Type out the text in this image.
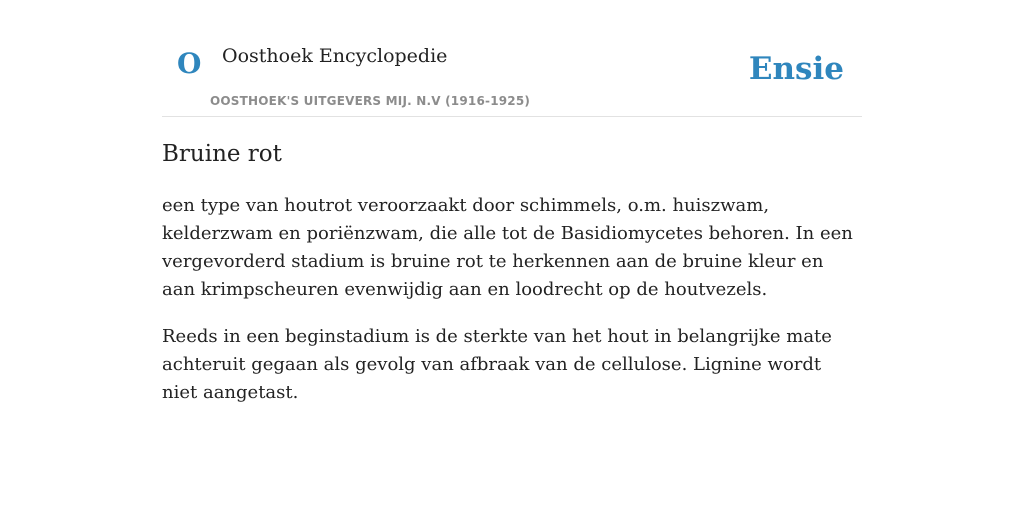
O Oosthoek Encyclopedie
OOSTHOEK'S UITGEVERS MIJ. N.V (1916-1925)
Ensie
Bruine rot

een type van houtrot veroorzaakt door schimmels, o.m. huiszwam, kelderzwam en poriënzwam, die alle tot de Basidiomycetes behoren. In een vergevorderd stadium is bruine rot te herkennen aan de bruine kleur en aan krimpscheuren evenwijdig aan en loodrecht op de houtvezels.

Reeds in een beginstadium is de sterkte van het hout in belangrijke mate achteruit gegaan als gevolg van afbraak van de cellulose. Lignine wordt niet aangetast.
